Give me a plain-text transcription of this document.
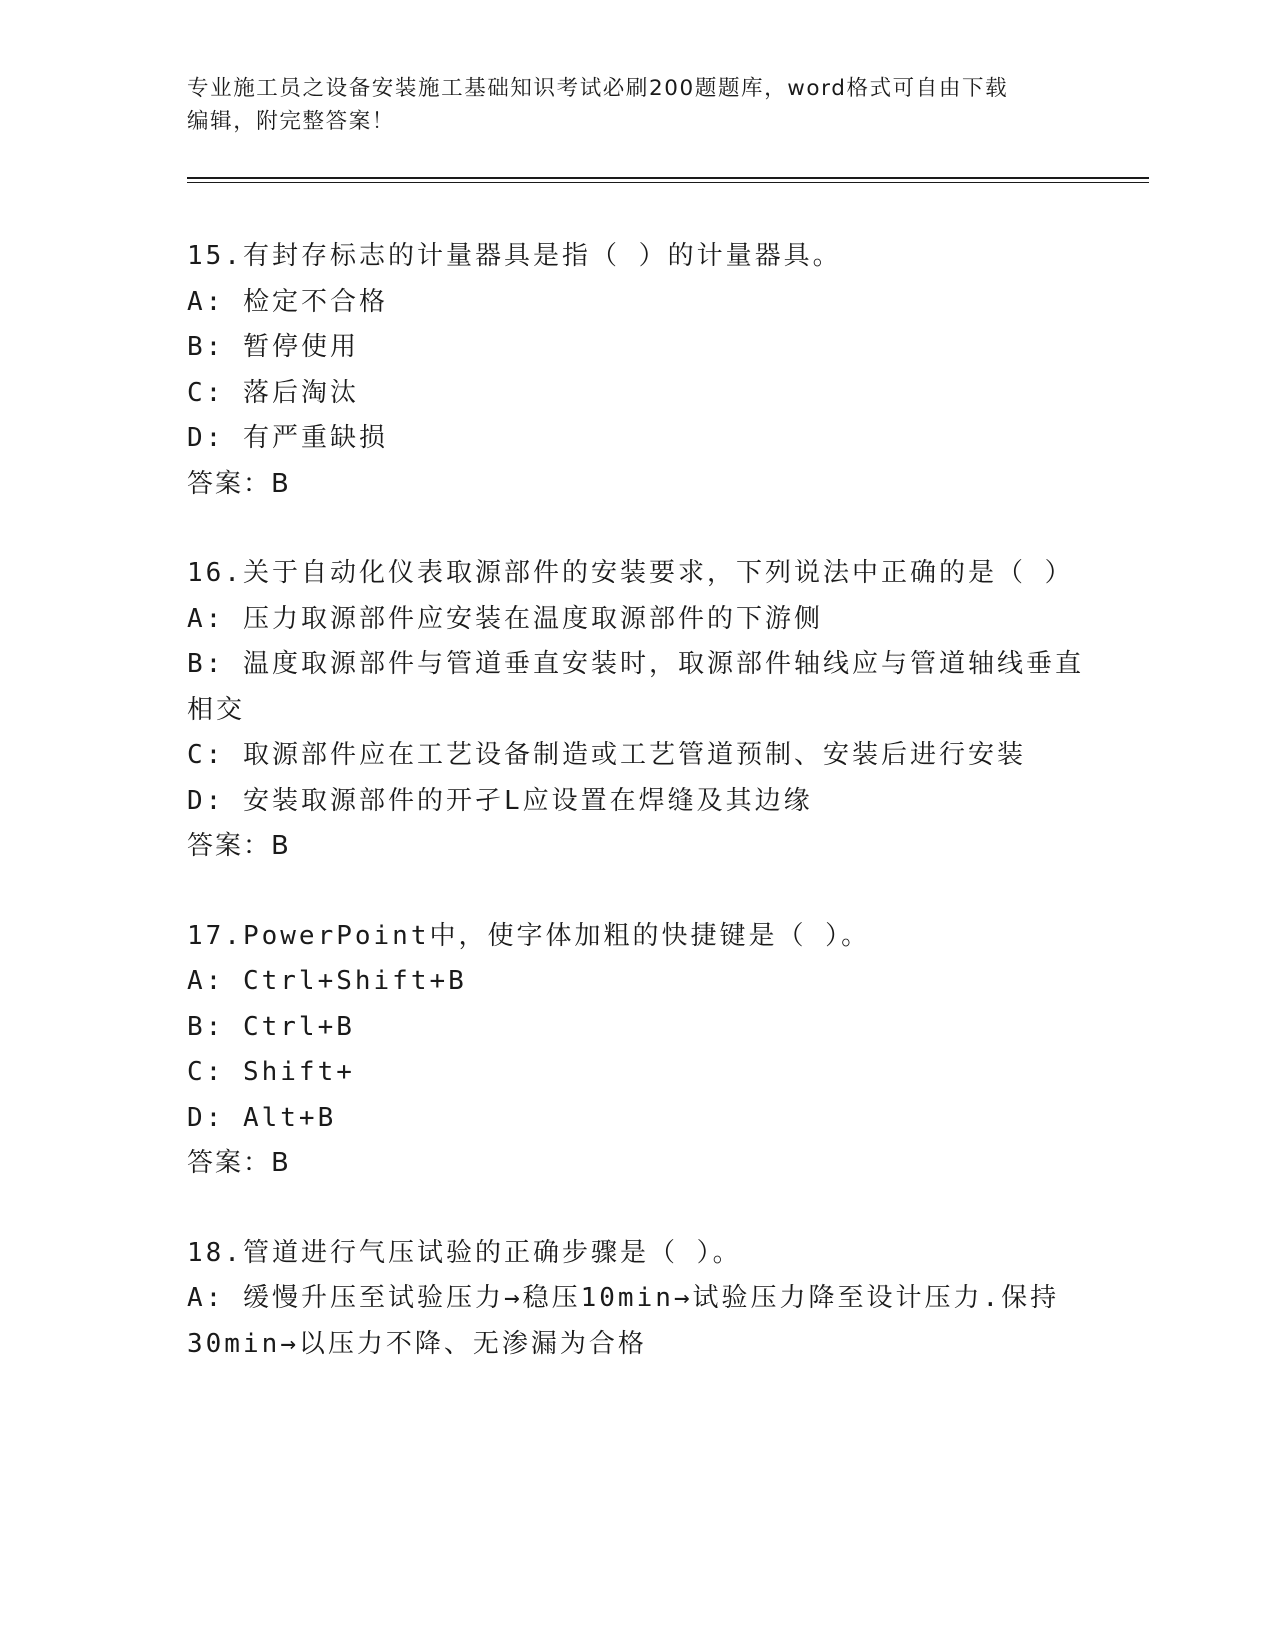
专业施工员之设备安装施工基础知识考试必刷200题题库，word格式可自由下载
编辑，附完整答案！
15.有封存标志的计量器具是指（ ）的计量器具。
A: 检定不合格
B: 暂停使用
C: 落后淘汰
D: 有严重缺损
答案：B
16.关于自动化仪表取源部件的安装要求，下列说法中正确的是（ ）
A: 压力取源部件应安装在温度取源部件的下游侧
B: 温度取源部件与管道垂直安装时，取源部件轴线应与管道轴线垂直
相交
C: 取源部件应在工艺设备制造或工艺管道预制、安装后进行安装
D: 安装取源部件的开孑L应设置在焊缝及其边缘
答案：B
17.PowerPoint中，使字体加粗的快捷键是（ ）。
A: Ctrl+Shift+B
B: Ctrl+B
C: Shift+
D: Alt+B
答案：B
18.管道进行气压试验的正确步骤是（ ）。
A: 缓慢升压至试验压力→稳压10min→试验压力降至设计压力.保持
30min→以压力不降、无渗漏为合格
